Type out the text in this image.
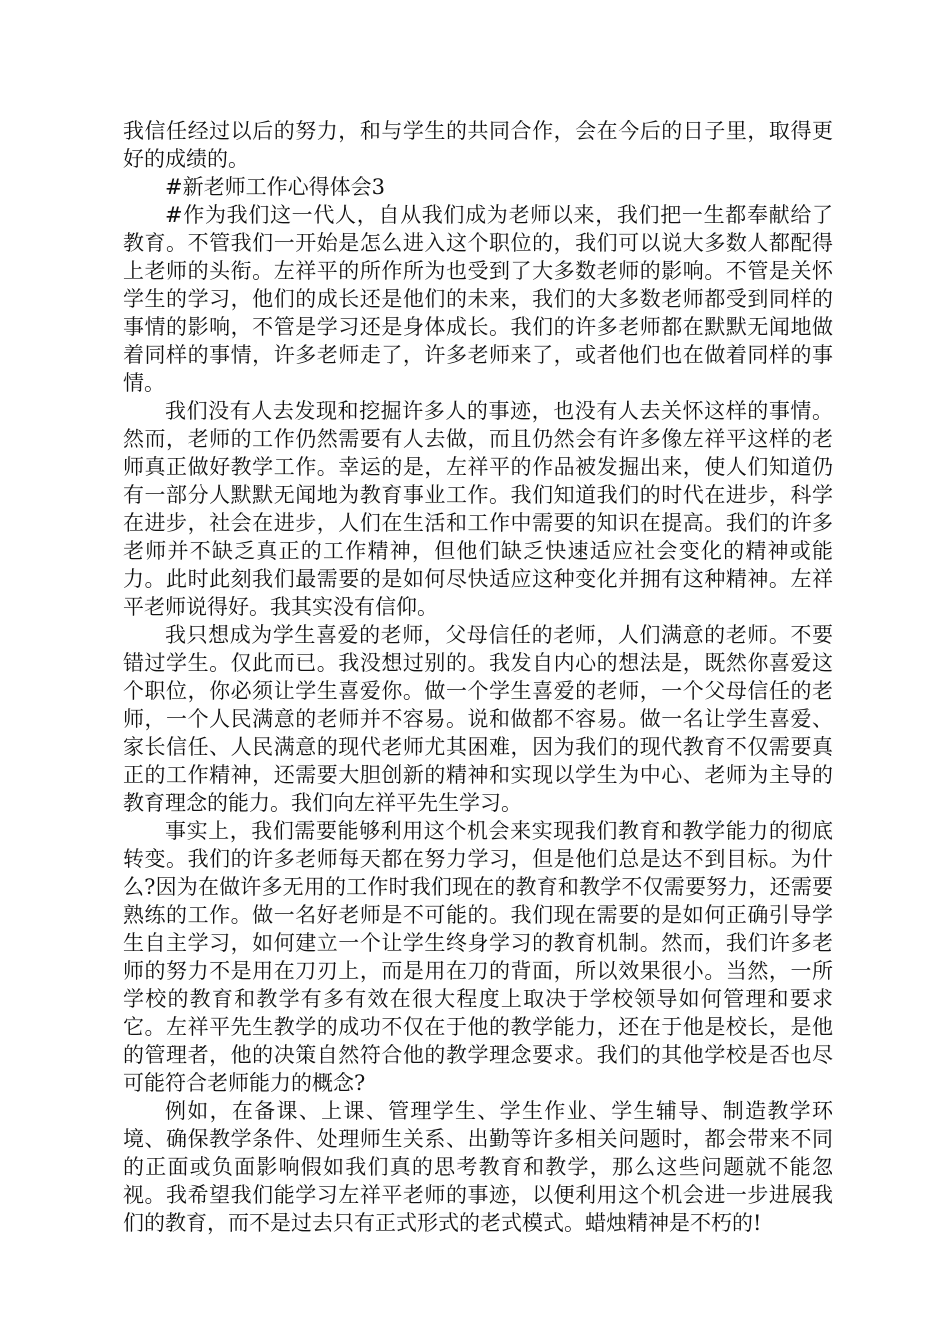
我信任经过以后的努力，和与学生的共同合作，会在今后的日子里，取得更好的成绩的。

#新老师工作心得体会3

#作为我们这一代人，自从我们成为老师以来，我们把一生都奉献给了教育。不管我们一开始是怎么进入这个职位的，我们可以说大多数人都配得上老师的头衔。左祥平的所作所为也受到了大多数老师的影响。不管是关怀学生的学习，他们的成长还是他们的未来，我们的大多数老师都受到同样的事情的影响，不管是学习还是身体成长。我们的许多老师都在默默无闻地做着同样的事情，许多老师走了，许多老师来了，或者他们也在做着同样的事情。

我们没有人去发现和挖掘许多人的事迹，也没有人去关怀这样的事情。然而，老师的工作仍然需要有人去做，而且仍然会有许多像左祥平这样的老师真正做好教学工作。幸运的是，左祥平的作品被发掘出来，使人们知道仍有一部分人默默无闻地为教育事业工作。我们知道我们的时代在进步，科学在进步，社会在进步，人们在生活和工作中需要的知识在提高。我们的许多老师并不缺乏真正的工作精神，但他们缺乏快速适应社会变化的精神或能力。此时此刻我们最需要的是如何尽快适应这种变化并拥有这种精神。左祥平老师说得好。我其实没有信仰。

我只想成为学生喜爱的老师，父母信任的老师，人们满意的老师。不要错过学生。仅此而已。我没想过别的。我发自内心的想法是，既然你喜爱这个职位，你必须让学生喜爱你。做一个学生喜爱的老师，一个父母信任的老师，一个人民满意的老师并不容易。说和做都不容易。做一名让学生喜爱、家长信任、人民满意的现代老师尤其困难，因为我们的现代教育不仅需要真正的工作精神，还需要大胆创新的精神和实现以学生为中心、老师为主导的教育理念的能力。我们向左祥平先生学习。

事实上，我们需要能够利用这个机会来实现我们教育和教学能力的彻底转变。我们的许多老师每天都在努力学习，但是他们总是达不到目标。为什么?因为在做许多无用的工作时我们现在的教育和教学不仅需要努力，还需要熟练的工作。做一名好老师是不可能的。我们现在需要的是如何正确引导学生自主学习，如何建立一个让学生终身学习的教育机制。然而，我们许多老师的努力不是用在刀刃上，而是用在刀的背面，所以效果很小。当然，一所学校的教育和教学有多有效在很大程度上取决于学校领导如何管理和要求它。左祥平先生教学的成功不仅在于他的教学能力，还在于他是校长，是他的管理者，他的决策自然符合他的教学理念要求。我们的其他学校是否也尽可能符合老师能力的概念?

例如，在备课、上课、管理学生、学生作业、学生辅导、制造教学环境、确保教学条件、处理师生关系、出勤等许多相关问题时，都会带来不同的正面或负面影响假如我们真的思考教育和教学，那么这些问题就不能忽视。我希望我们能学习左祥平老师的事迹，以便利用这个机会进一步进展我们的教育，而不是过去只有正式形式的老式模式。蜡烛精神是不朽的!
